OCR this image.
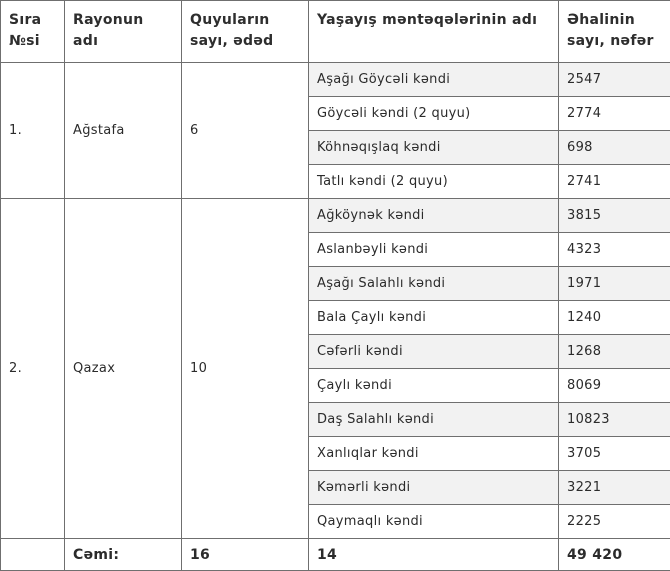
Sıra №si	Rayonun adı	Quyuların sayı, ədəd	Yaşayış məntəqələrinin adı	Əhalinin sayı, nəfər
1.	Ağstafa	6	Aşağı Göycəli kəndi	2547
			Göycəli kəndi (2 quyu)	2774
			Köhnəqışlaq kəndi	698
			Tatlı kəndi (2 quyu)	2741
2.	Qazax	10	Ağköynək kəndi	3815
			Aslanbəyli kəndi	4323
			Aşağı Salahlı kəndi	1971
			Bala Çaylı kəndi	1240
			Cəfərli kəndi	1268
			Çaylı kəndi	8069
			Daş Salahlı kəndi	10823
			Xanlıqlar kəndi	3705
			Kəmərli kəndi	3221
			Qaymaqlı kəndi	2225
	Cəmi:	16	14	49 420
